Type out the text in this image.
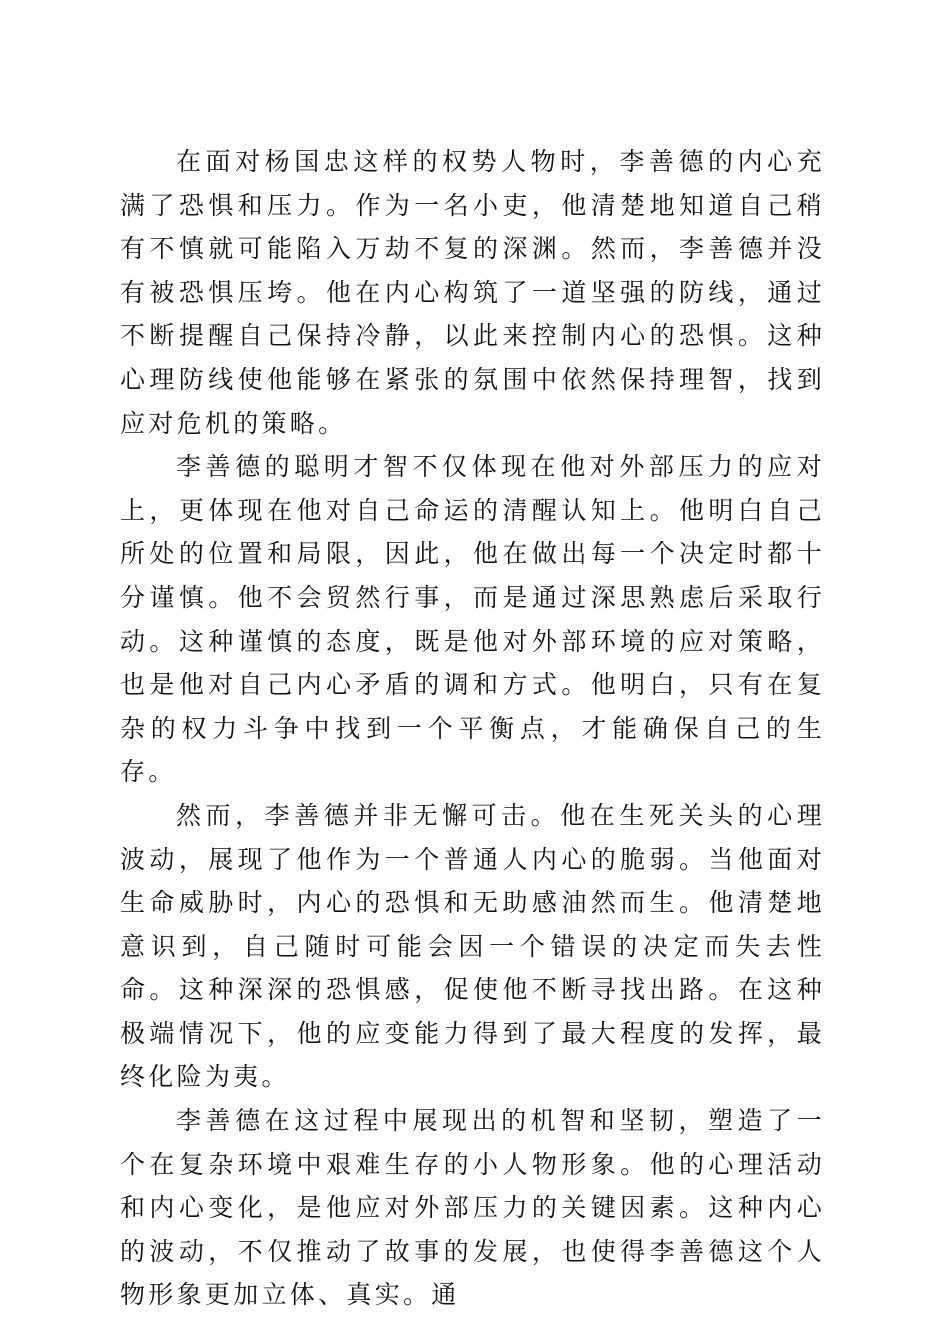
在面对杨国忠这样的权势人物时，李善德的内心充满了恐惧和压力。作为一名小吏，他清楚地知道自己稍有不慎就可能陷入万劫不复的深渊。然而，李善德并没有被恐惧压垮。他在内心构筑了一道坚强的防线，通过不断提醒自己保持冷静，以此来控制内心的恐惧。这种心理防线使他能够在紧张的氛围中依然保持理智，找到应对危机的策略。

李善德的聪明才智不仅体现在他对外部压力的应对上，更体现在他对自己命运的清醒认知上。他明白自己所处的位置和局限，因此，他在做出每一个决定时都十分谨慎。他不会贸然行事，而是通过深思熟虑后采取行动。这种谨慎的态度，既是他对外部环境的应对策略，也是他对自己内心矛盾的调和方式。他明白，只有在复杂的权力斗争中找到一个平衡点，才能确保自己的生存。

然而，李善德并非无懈可击。他在生死关头的心理波动，展现了他作为一个普通人内心的脆弱。当他面对生命威胁时，内心的恐惧和无助感油然而生。他清楚地意识到，自己随时可能会因一个错误的决定而失去性命。这种深深的恐惧感，促使他不断寻找出路。在这种极端情况下，他的应变能力得到了最大程度的发挥，最终化险为夷。

李善德在这过程中展现出的机智和坚韧，塑造了一个在复杂环境中艰难生存的小人物形象。他的心理活动和内心变化，是他应对外部压力的关键因素。这种内心的波动，不仅推动了故事的发展，也使得李善德这个人物形象更加立体、真实。通
